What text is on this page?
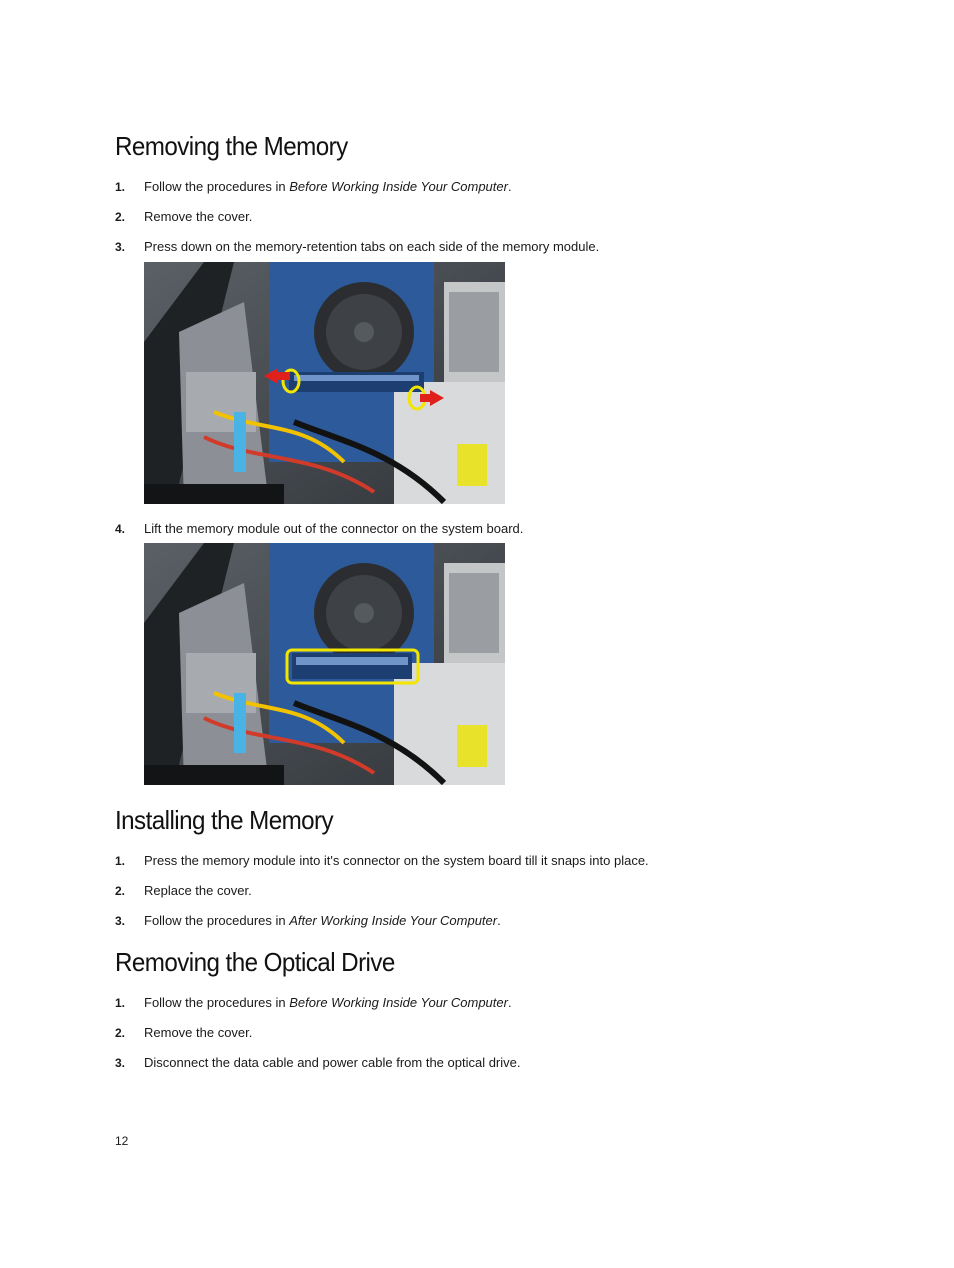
Removing the Memory
1. Follow the procedures in Before Working Inside Your Computer.
2. Remove the cover.
3. Press down on the memory-retention tabs on each side of the memory module.
4. Lift the memory module out of the connector on the system board.
Installing the Memory
1. Press the memory module into it's connector on the system board till it snaps into place.
2. Replace the cover.
3. Follow the procedures in After Working Inside Your Computer.
Removing the Optical Drive
1. Follow the procedures in Before Working Inside Your Computer.
2. Remove the cover.
3. Disconnect the data cable and power cable from the optical drive.
12
